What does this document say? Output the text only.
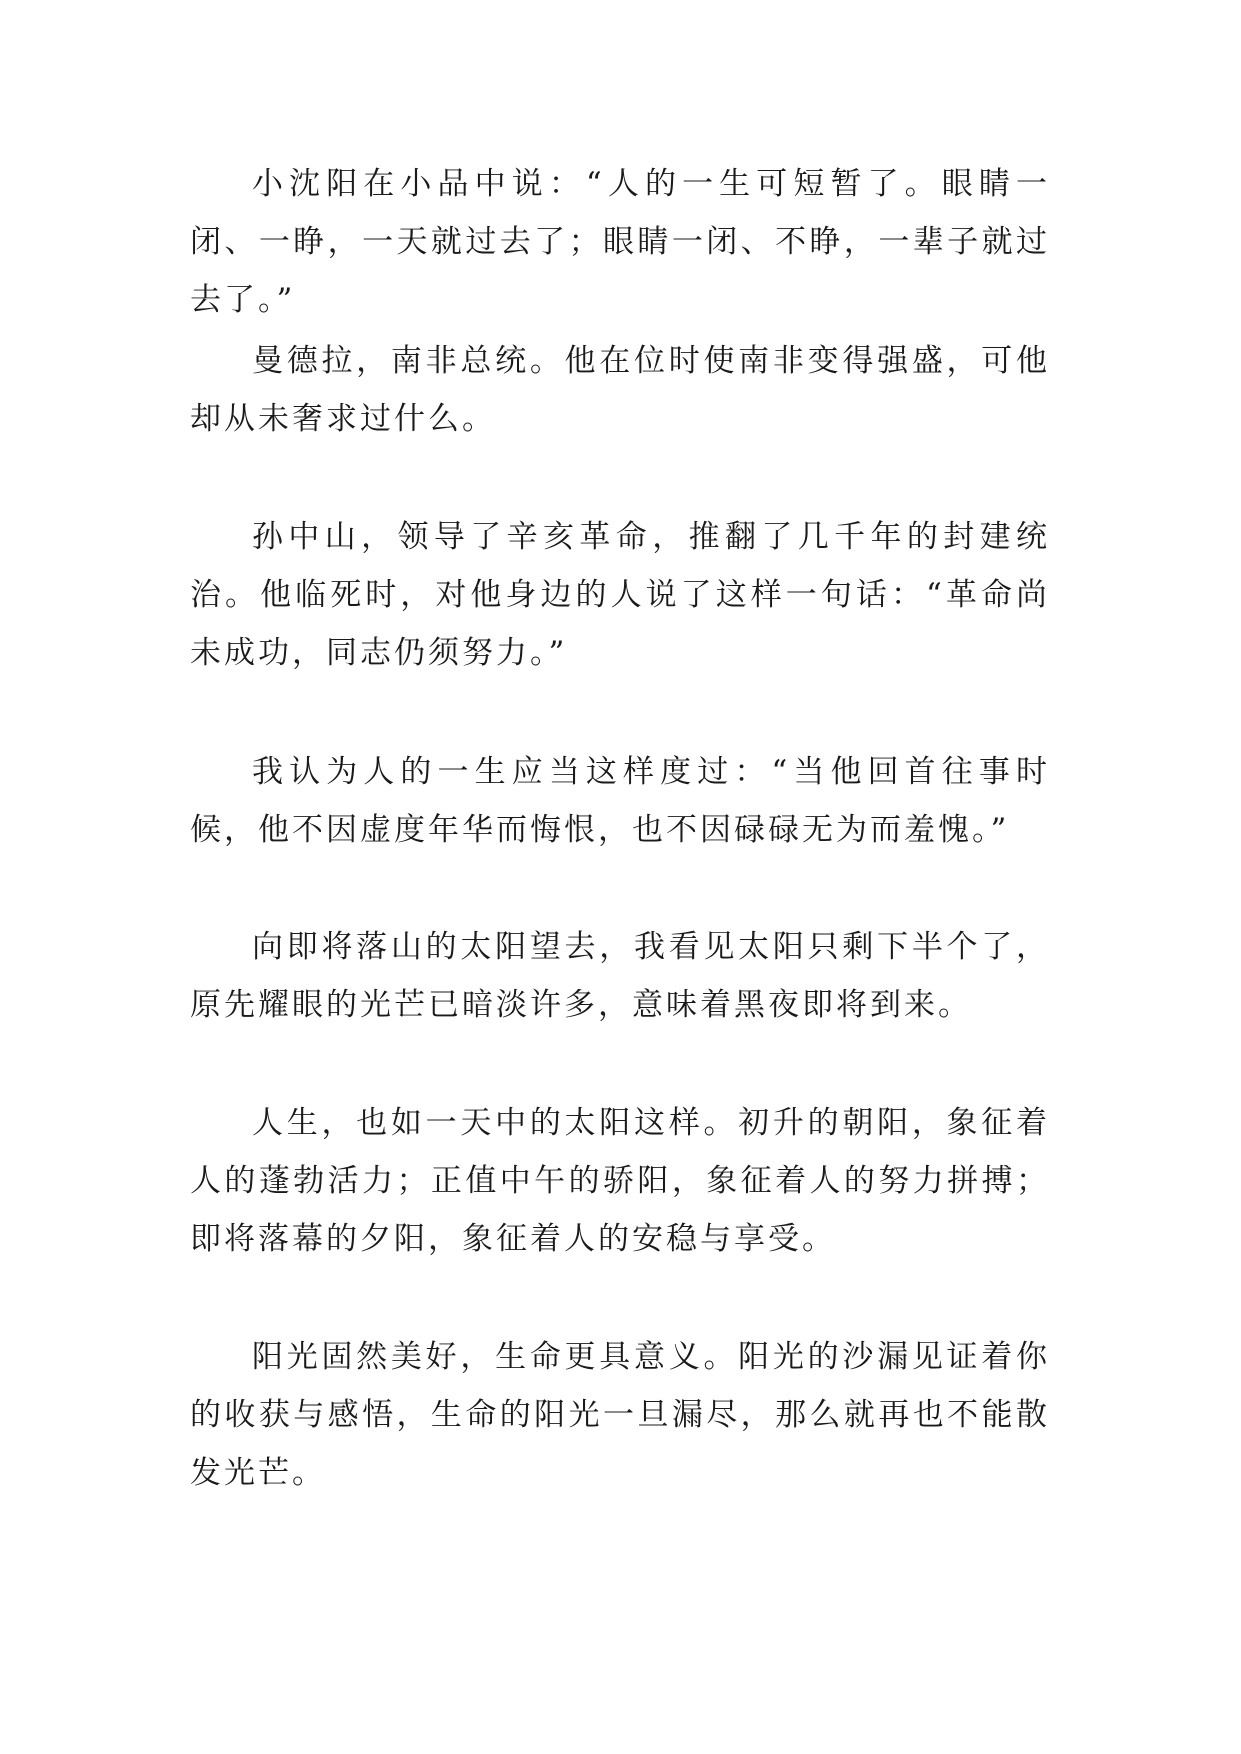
小沈阳在小品中说：“人的一生可短暂了。眼睛一闭、一睁，一天就过去了；眼睛一闭、不睁，一辈子就过去了。”

曼德拉，南非总统。他在位时使南非变得强盛，可他却从未奢求过什么。

孙中山，领导了辛亥革命，推翻了几千年的封建统治。他临死时，对他身边的人说了这样一句话：“革命尚未成功，同志仍须努力。”

我认为人的一生应当这样度过：“当他回首往事时候，他不因虚度年华而悔恨，也不因碌碌无为而羞愧。”

向即将落山的太阳望去，我看见太阳只剩下半个了，原先耀眼的光芒已暗淡许多，意味着黑夜即将到来。

人生，也如一天中的太阳这样。初升的朝阳，象征着人的蓬勃活力；正值中午的骄阳，象征着人的努力拼搏；即将落幕的夕阳，象征着人的安稳与享受。

阳光固然美好，生命更具意义。阳光的沙漏见证着你的收获与感悟，生命的阳光一旦漏尽，那么就再也不能散发光芒。
